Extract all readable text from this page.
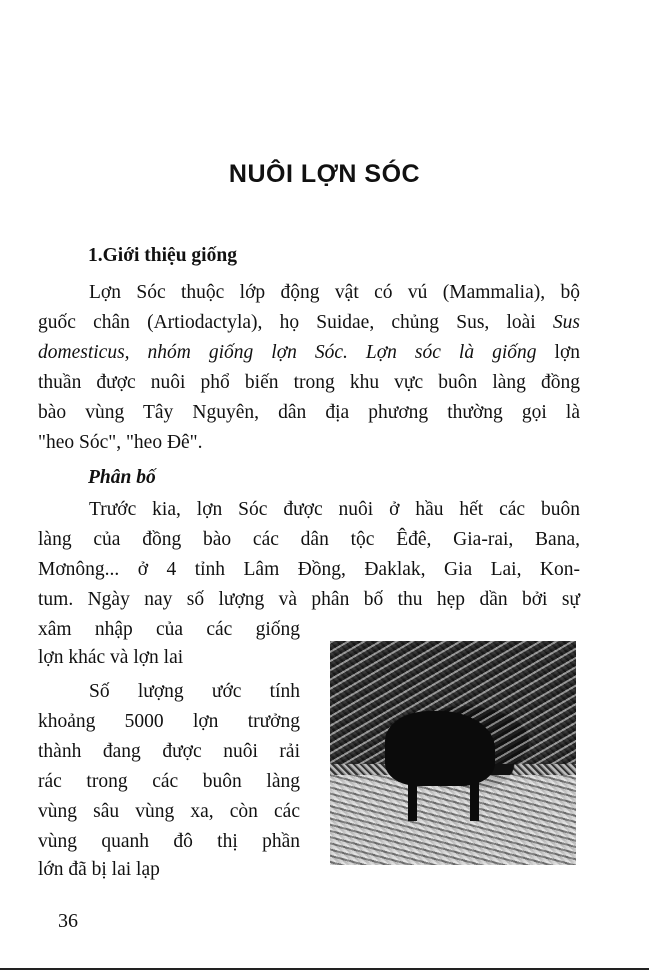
NUÔI LỢN SÓC
1.Giới thiệu giống
Lợn Sóc thuộc lớp động vật có vú (Mammalia), bộ
guốc chân (Artiodactyla), họ Suidae, chủng Sus, loài Sus
domesticus, nhóm giống lợn Sóc. Lợn sóc là giống lợn
thuần được nuôi phổ biến trong khu vực buôn làng đồng
bào vùng Tây Nguyên, dân địa phương thường gọi là
"heo Sóc", "heo Đê".
Phân bố
Trước kia, lợn Sóc được nuôi ở hầu hết các buôn
làng của đồng bào các dân tộc Êđê, Gia-rai, Bana,
Mơnông... ở 4 tỉnh Lâm Đồng, Đaklak, Gia Lai, Kon-
tum. Ngày nay số lượng và phân bố thu hẹp dần bởi sự
xâm nhập của các giống
lợn khác và lợn lai
Số lượng ước tính
khoảng 5000 lợn trưởng
thành đang được nuôi rải
rác trong các buôn làng
vùng sâu vùng xa, còn các
vùng quanh đô thị phần
lớn đã bị lai lạp
36
